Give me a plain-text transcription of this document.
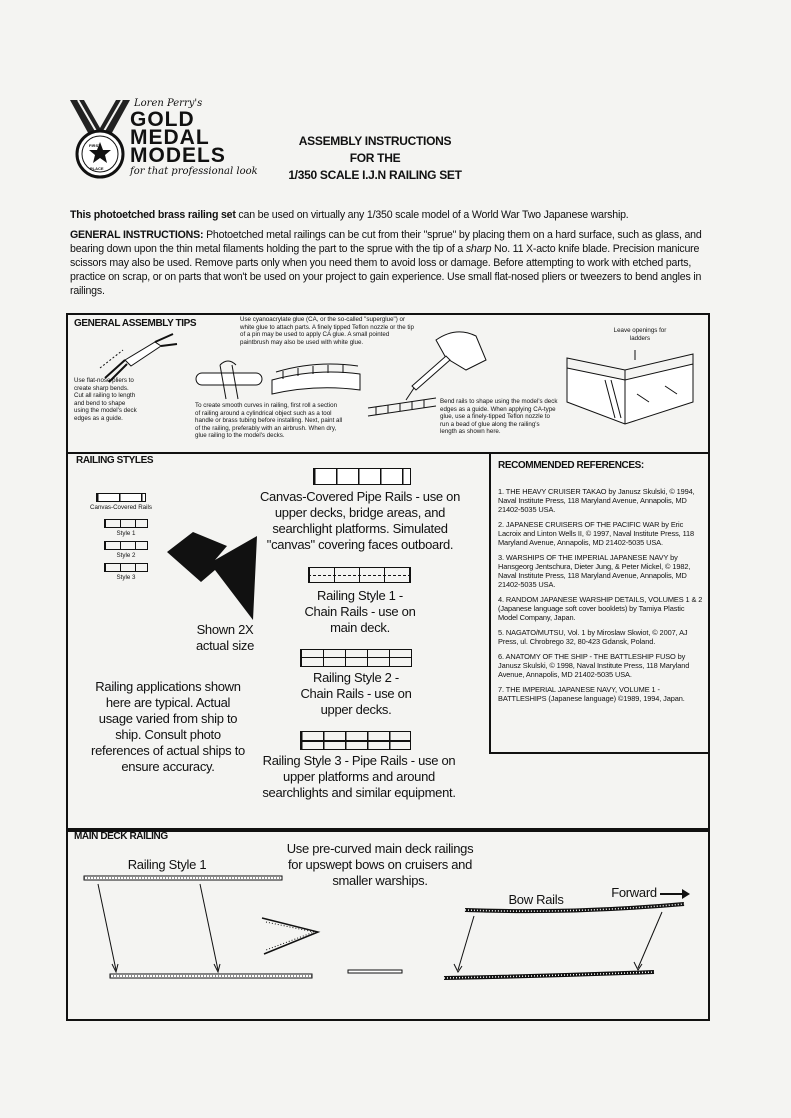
FIRST
PLACE
Loren Perry's
GOLD
MEDAL
MODELS
for that professional look
ASSEMBLY INSTRUCTIONS
FOR THE
1/350 SCALE I.J.N RAILING SET
This photoetched brass railing set can be used on virtually any 1/350 scale model of a World War Two Japanese warship.
GENERAL INSTRUCTIONS: Photoetched metal railings can be cut from their "sprue" by placing them on a hard surface, such as glass, and bearing down upon the thin metal filaments holding the part to the sprue with the tip of a sharp No. 11 X-acto knife blade. Precision manicure scissors may also be used. Remove parts only when you need them to avoid loss or damage. Before attempting to work with etched parts, practice on scrap, or on parts that won't be used on your project to gain experience. Use small flat-nosed pliers or tweezers to bend angles in railings.
GENERAL ASSEMBLY TIPS
Use flat-nose pliers to create sharp bends. Cut all railing to length and bend to shape using the model's deck edges as a guide.
Use cyanoacrylate glue (CA, or the so-called "superglue") or white glue to attach parts. A finely tipped Teflon nozzle or the tip of a pin may be used to apply CA glue. A small pointed paintbrush may also be used with white glue.
To create smooth curves in railing, first roll a section of railing around a cylindrical object such as a tool handle or brass tubing before installing. Next, paint all of the railing, preferably with an airbrush. When dry, glue railing to the model's decks.
Bend rails to shape using the model's deck edges as a guide. When applying CA-type glue, use a finely-tipped Teflon nozzle to run a bead of glue along the railing's length as shown here.
Leave openings for ladders
RAILING STYLES
Canvas-Covered Rails
Style 1
Style 2
Style 3
Shown 2X actual size
Canvas-Covered Pipe Rails - use on upper decks, bridge areas, and searchlight platforms. Simulated "canvas" covering faces outboard.
Railing Style 1 - Chain Rails - use on main deck.
Railing Style 2 - Chain Rails - use on upper decks.
Railing Style 3 - Pipe Rails - use on upper platforms and around searchlights and similar equipment.
Railing applications shown here are typical. Actual usage varied from ship to ship. Consult photo references of actual ships to ensure accuracy.
RECOMMENDED REFERENCES:
1. THE HEAVY CRUISER TAKAO by Janusz Skulski, © 1994, Naval Institute Press, 118 Maryland Avenue, Annapolis, MD 21402-5035 USA.
2. JAPANESE CRUISERS OF THE PACIFIC WAR by Eric Lacroix and Linton Wells II, © 1997, Naval Institute Press, 118 Maryland Avenue, Annapolis, MD 21402-5035 USA.
3. WARSHIPS OF THE IMPERIAL JAPANESE NAVY by Hansgeorg Jentschura, Dieter Jung, & Peter Mickel, © 1982, Naval Institute Press, 118 Maryland Avenue, Annapolis, MD 21402-5035 USA.
4. RANDOM JAPANESE WARSHIP DETAILS, VOLUMES 1 & 2 (Japanese language soft cover booklets) by Tamiya Plastic Model Company, Japan.
5. NAGATO/MUTSU, Vol. 1 by Miroslaw Skwiot, © 2007, AJ Press, ul. Chrobrego 32, 80-423 Gdansk, Poland.
6. ANATOMY OF THE SHIP - THE BATTLESHIP FUSO by Janusz Skulski, © 1998, Naval Institute Press, 118 Maryland Avenue, Annapolis, MD 21402-5035 USA.
7. THE IMPERIAL JAPANESE NAVY, VOLUME 1 - BATTLESHIPS (Japanese language) ©1989, 1994, Japan.
MAIN DECK RAILING
Railing Style 1
Use pre-curved main deck railings for upswept bows on cruisers and smaller warships.
Bow Rails	Forward
